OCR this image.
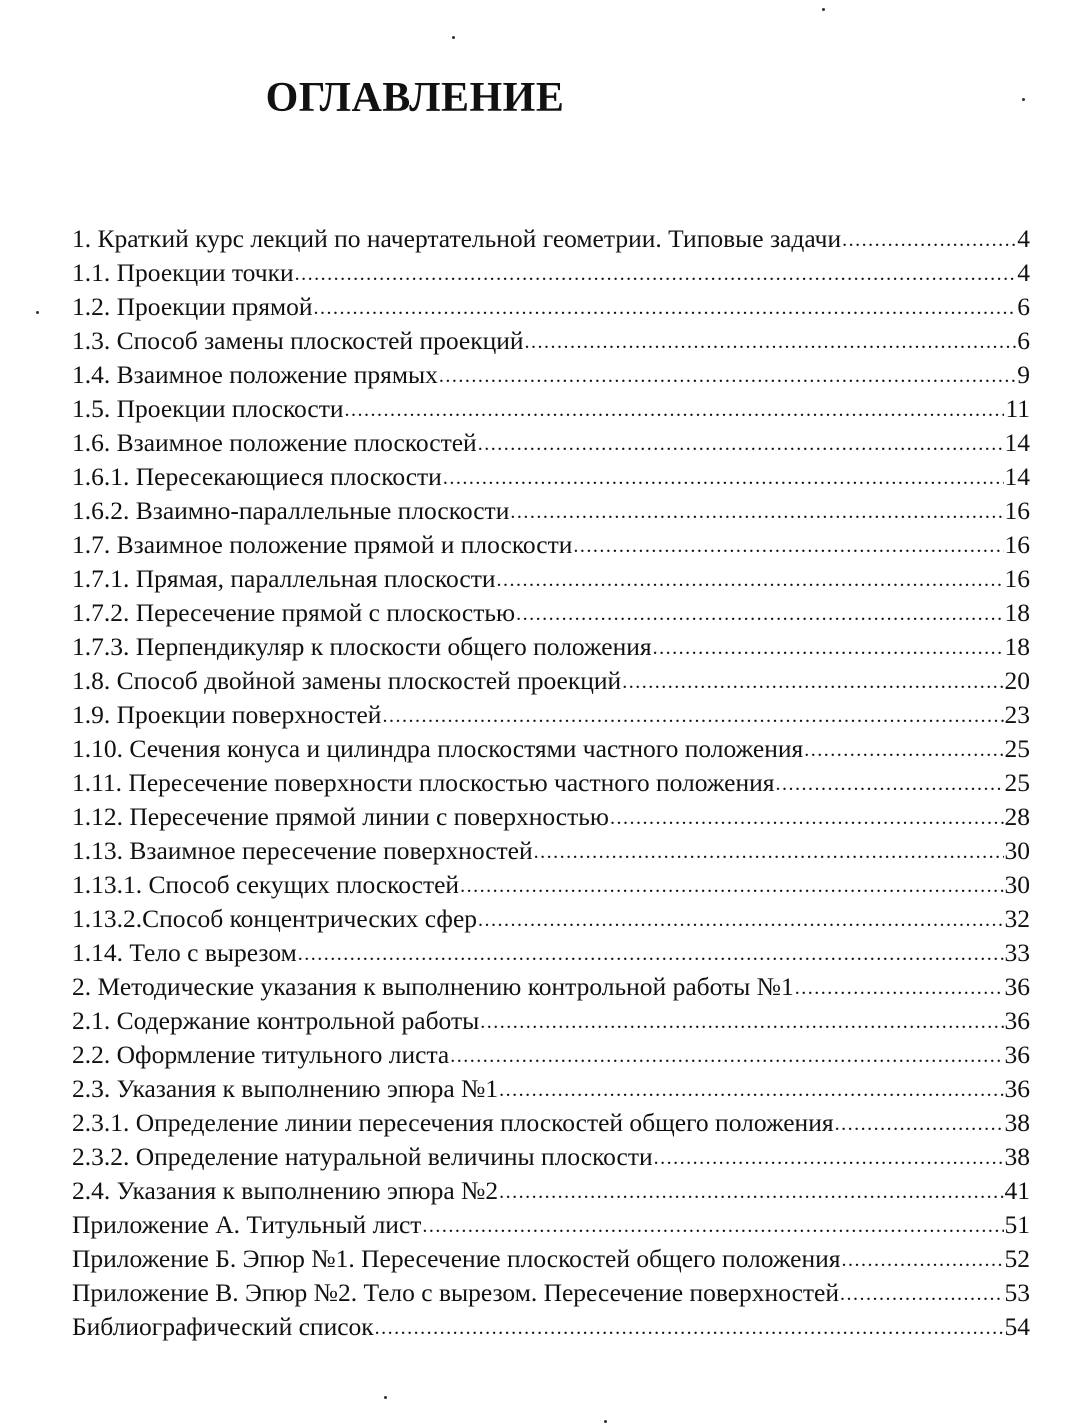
ОГЛАВЛЕНИЕ
1. Краткий курс лекций по начертательной геометрии. Типовые задачи .....	4
1.1. Проекции точки .....	4
1.2. Проекции прямой .....	6
1.3. Способ замены плоскостей проекций .....	6
1.4. Взаимное положение прямых .....	9
1.5. Проекции плоскости .....	11
1.6. Взаимное положение плоскостей .....	14
1.6.1. Пересекающиеся плоскости .....	14
1.6.2. Взаимно-параллельные плоскости .....	16
1.7. Взаимное положение прямой и плоскости .....	16
1.7.1. Прямая, параллельная плоскости .....	16
1.7.2. Пересечение прямой с плоскостью .....	18
1.7.3. Перпендикуляр к плоскости общего положения .....	18
1.8. Способ двойной замены плоскостей проекций .....	20
1.9. Проекции поверхностей .....	23
1.10. Сечения конуса и цилиндра плоскостями частного положения .....	25
1.11. Пересечение поверхности плоскостью частного положения .....	25
1.12. Пересечение прямой линии с поверхностью .....	28
1.13. Взаимное пересечение поверхностей .....	30
1.13.1. Способ секущих плоскостей .....	30
1.13.2.Способ концентрических сфер .....	32
1.14. Тело с вырезом .....	33
2. Методические указания к выполнению контрольной работы №1 .....	36
2.1. Содержание контрольной работы .....	36
2.2. Оформление титульного листа .....	36
2.3. Указания к выполнению эпюра №1 .....	36
2.3.1. Определение линии пересечения плоскостей общего положения .....	38
2.3.2. Определение натуральной величины плоскости .....	38
2.4. Указания к выполнению эпюра №2 .....	41
Приложение А. Титульный лист .....	51
Приложение Б. Эпюр №1. Пересечение плоскостей общего положения .....	52
Приложение В. Эпюр №2. Тело с вырезом. Пересечение поверхностей .....	53
Библиографический список .....	54
